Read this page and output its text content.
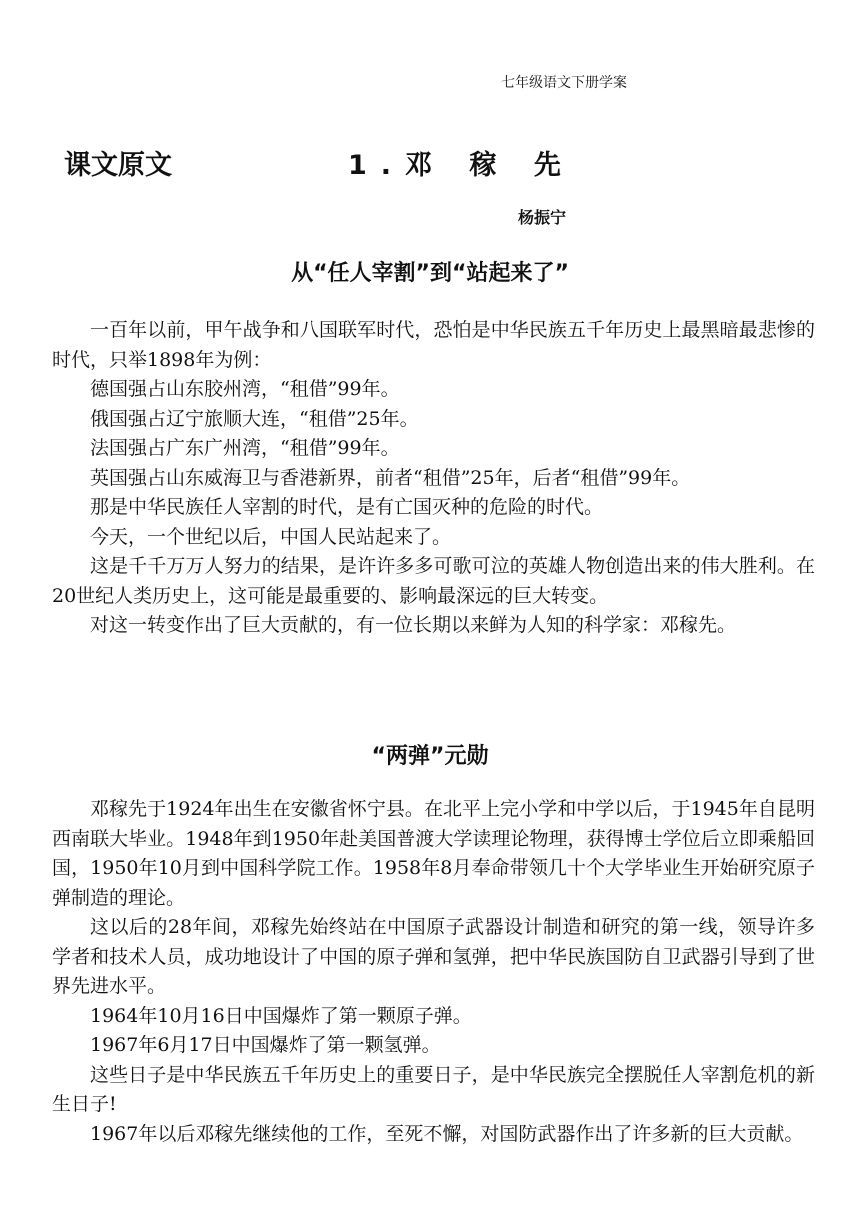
七年级语文下册学案
课文原文	1.邓 稼 先
杨振宁
从“任人宰割”到“站起来了”

一百年以前，甲午战争和八国联军时代，恐怕是中华民族五千年历史上最黑暗最悲惨的时代，只举1898年为例：

德国强占山东胶州湾，“租借”99年。

俄国强占辽宁旅顺大连，“租借”25年。

法国强占广东广州湾，“租借”99年。

英国强占山东威海卫与香港新界，前者“租借”25年，后者“租借”99年。

那是中华民族任人宰割的时代，是有亡国灭种的危险的时代。

今天，一个世纪以后，中国人民站起来了。

这是千千万万人努力的结果，是许许多多可歌可泣的英雄人物创造出来的伟大胜利。在20世纪人类历史上，这可能是最重要的、影响最深远的巨大转变。

对这一转变作出了巨大贡献的，有一位长期以来鲜为人知的科学家：邓稼先。

“两弹”元勋

邓稼先于1924年出生在安徽省怀宁县。在北平上完小学和中学以后，于1945年自昆明西南联大毕业。1948年到1950年赴美国普渡大学读理论物理，获得博士学位后立即乘船回国，1950年10月到中国科学院工作。1958年8月奉命带领几十个大学毕业生开始研究原子弹制造的理论。

这以后的28年间，邓稼先始终站在中国原子武器设计制造和研究的第一线，领导许多学者和技术人员，成功地设计了中国的原子弹和氢弹，把中华民族国防自卫武器引导到了世界先进水平。

1964年10月16日中国爆炸了第一颗原子弹。

1967年6月17日中国爆炸了第一颗氢弹。

这些日子是中华民族五千年历史上的重要日子，是中华民族完全摆脱任人宰割危机的新生日子!

1967年以后邓稼先继续他的工作，至死不懈，对国防武器作出了许多新的巨大贡献。
